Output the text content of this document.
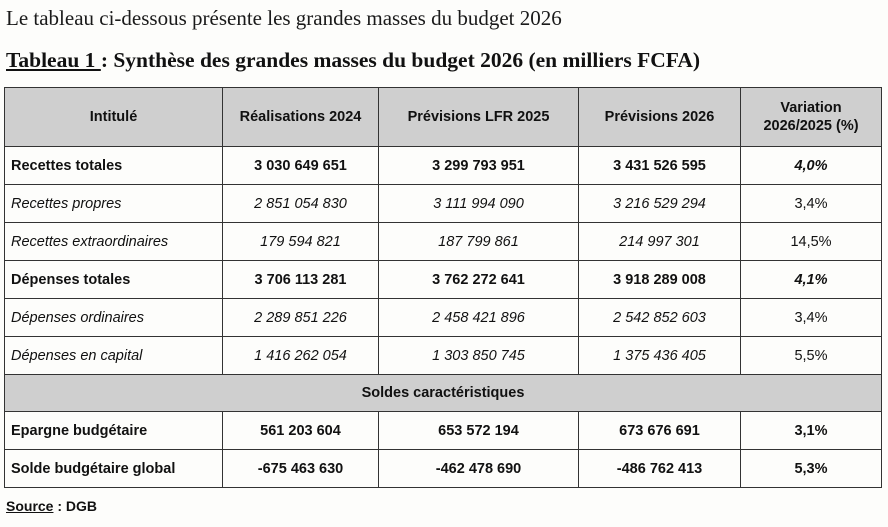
Le tableau ci-dessous présente les grandes masses du budget 2026
Tableau 1 : Synthèse des grandes masses du budget 2026 (en milliers FCFA)
Intitulé	Réalisations 2024	Prévisions LFR 2025	Prévisions 2026	Variation 2026/2025 (%)
Recettes totales	3 030 649 651	3 299 793 951	3 431 526 595	4,0%
Recettes propres	2 851 054 830	3 111 994 090	3 216 529 294	3,4%
Recettes extraordinaires	179 594 821	187 799 861	214 997 301	14,5%
Dépenses totales	3 706 113 281	3 762 272 641	3 918 289 008	4,1%
Dépenses ordinaires	2 289 851 226	2 458 421 896	2 542 852 603	3,4%
Dépenses en capital	1 416 262 054	1 303 850 745	1 375 436 405	5,5%
Soldes caractéristiques				
Epargne budgétaire	561 203 604	653 572 194	673 676 691	3,1%
Solde budgétaire global	-675 463 630	-462 478 690	-486 762 413	5,3%
Source : DGB
